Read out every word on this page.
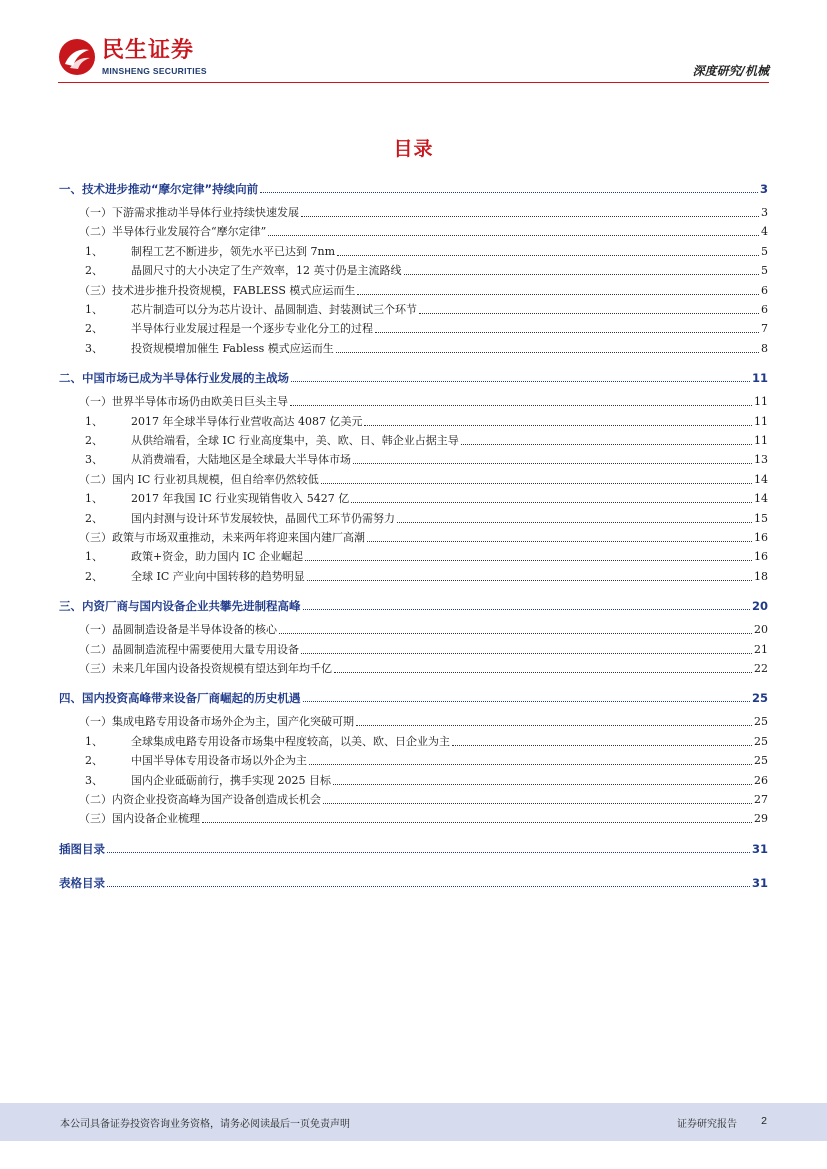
民生证券
MINSHENG SECURITIES	深度研究/机械
目录
一、技术进步推动“摩尔定律”持续向前	3
（一）下游需求推动半导体行业持续快速发展	3
（二）半导体行业发展符合“摩尔定律”	4
1、	制程工艺不断进步，领先水平已达到 7nm	5
2、	晶圆尺寸的大小决定了生产效率，12 英寸仍是主流路线	5
（三）技术进步推升投资规模，FABLESS 模式应运而生	6
1、	芯片制造可以分为芯片设计、晶圆制造、封装测试三个环节	6
2、	半导体行业发展过程是一个逐步专业化分工的过程	7
3、	投资规模增加催生 Fabless 模式应运而生	8
二、中国市场已成为半导体行业发展的主战场	11
（一）世界半导体市场仍由欧美日巨头主导	11
1、	2017 年全球半导体行业营收高达 4087 亿美元	11
2、	从供给端看，全球 IC 行业高度集中，美、欧、日、韩企业占据主导	11
3、	从消费端看，大陆地区是全球最大半导体市场	13
（二）国内 IC 行业初具规模，但自给率仍然较低	14
1、	2017 年我国 IC 行业实现销售收入 5427 亿	14
2、	国内封测与设计环节发展较快，晶圆代工环节仍需努力	15
（三）政策与市场双重推动，未来两年将迎来国内建厂高潮	16
1、	政策+资金，助力国内 IC 企业崛起	16
2、	全球 IC 产业向中国转移的趋势明显	18
三、内资厂商与国内设备企业共攀先进制程高峰	20
（一）晶圆制造设备是半导体设备的核心	20
（二）晶圆制造流程中需要使用大量专用设备	21
（三）未来几年国内设备投资规模有望达到年均千亿	22
四、国内投资高峰带来设备厂商崛起的历史机遇	25
（一）集成电路专用设备市场外企为主，国产化突破可期	25
1、	全球集成电路专用设备市场集中程度较高，以美、欧、日企业为主	25
2、	中国半导体专用设备市场以外企为主	25
3、	国内企业砥砺前行，携手实现 2025 目标	26
（二）内资企业投资高峰为国产设备创造成长机会	27
（三）国内设备企业梳理	29
插图目录	31
表格目录	31
本公司具备证券投资咨询业务资格，请务必阅读最后一页免责声明	证券研究报告 2
